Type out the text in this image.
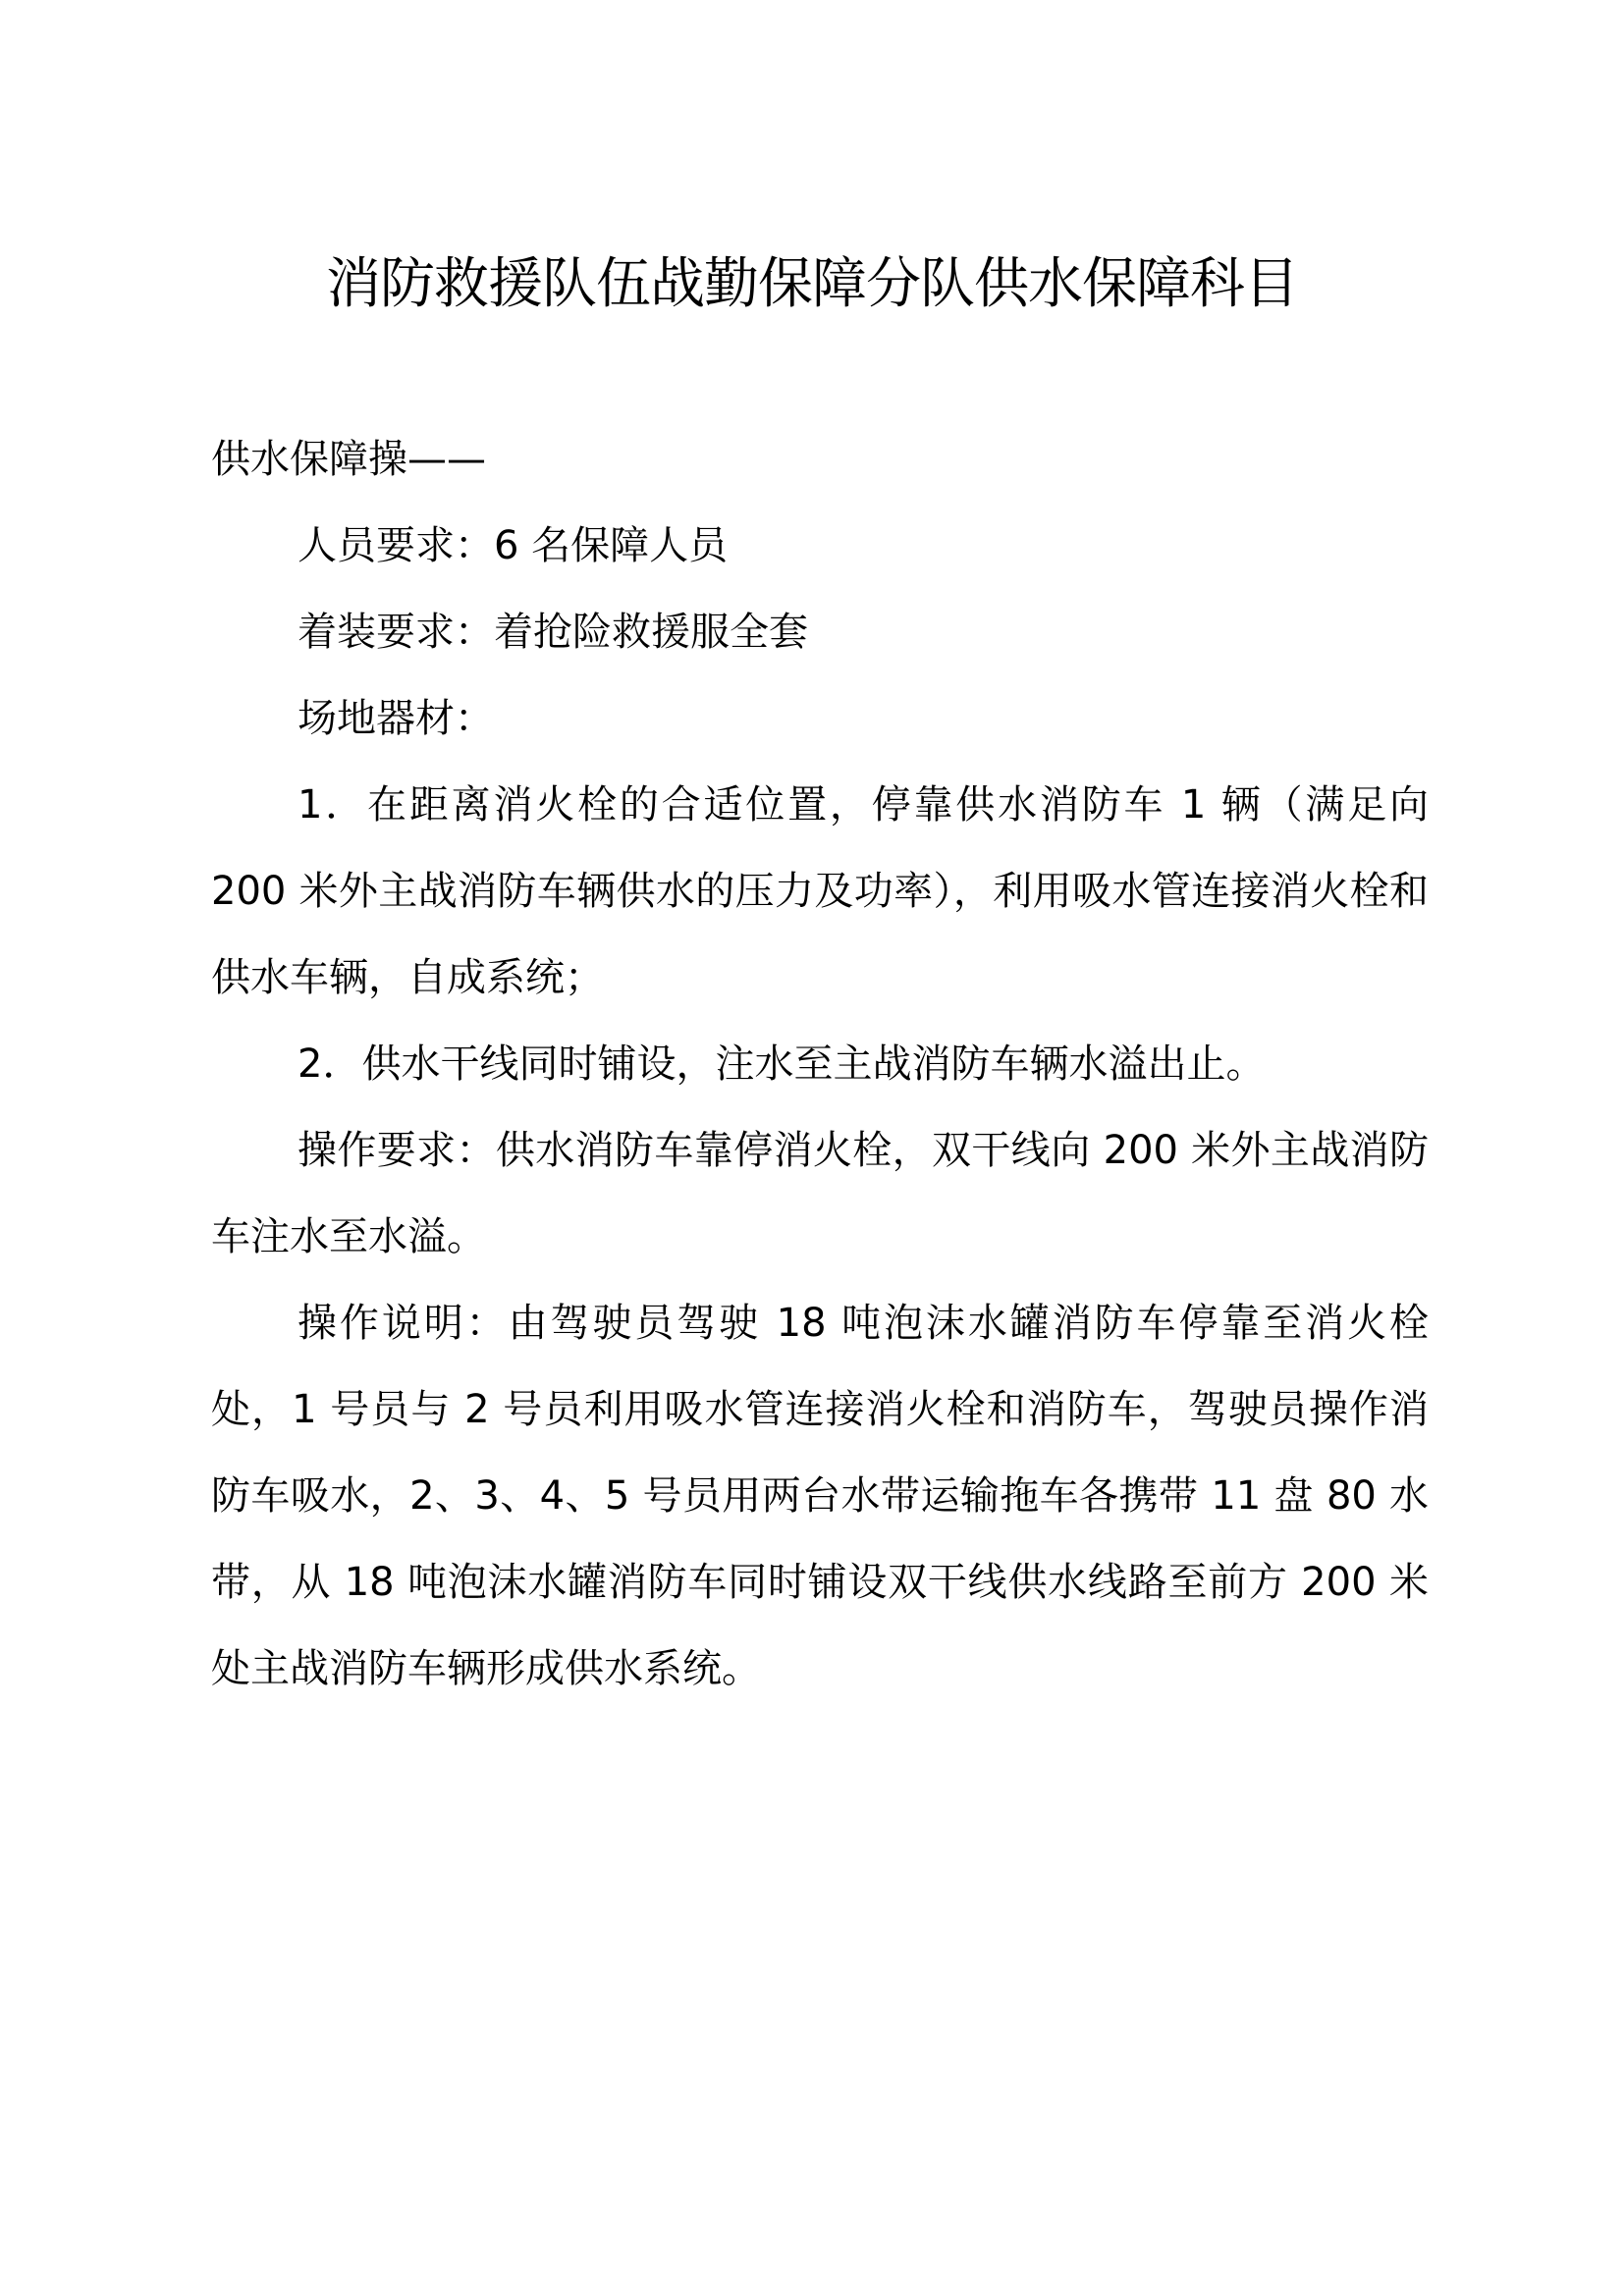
消防救援队伍战勤保障分队供水保障科目

供水保障操——

人员要求：6 名保障人员

着装要求：着抢险救援服全套

场地器材：

1．在距离消火栓的合适位置，停靠供水消防车 1 辆（满足向 200 米外主战消防车辆供水的压力及功率），利用吸水管连接消火栓和供水车辆，自成系统；

2．供水干线同时铺设，注水至主战消防车辆水溢出止。

操作要求：供水消防车靠停消火栓，双干线向 200 米外主战消防车注水至水溢。

操作说明：由驾驶员驾驶 18 吨泡沫水罐消防车停靠至消火栓处，1 号员与 2 号员利用吸水管连接消火栓和消防车，驾驶员操作消防车吸水，2、3、4、5 号员用两台水带运输拖车各携带 11 盘 80 水带，从 18 吨泡沫水罐消防车同时铺设双干线供水线路至前方 200 米处主战消防车辆形成供水系统。
